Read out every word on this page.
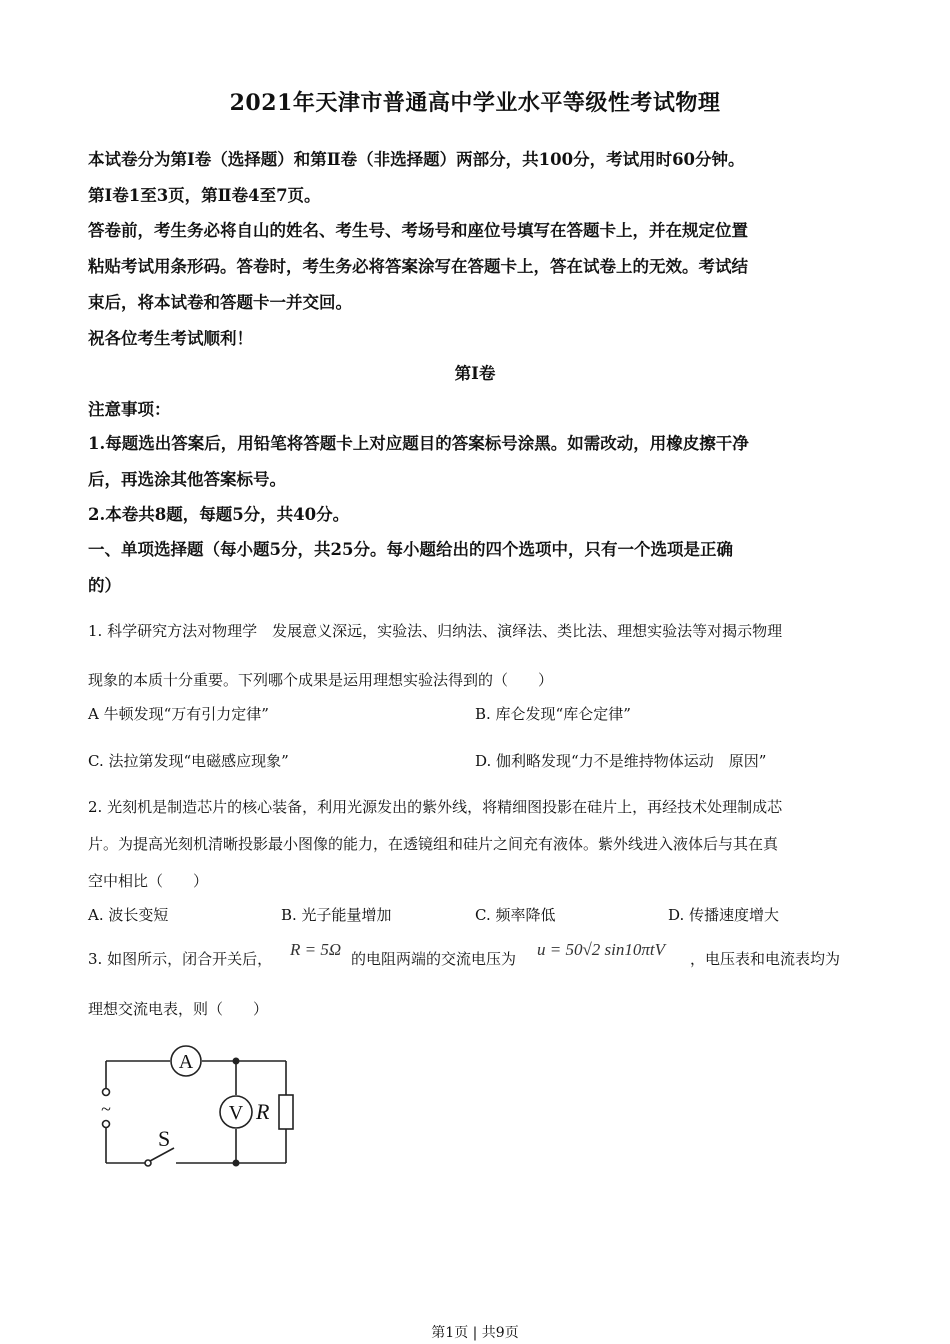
2021年天津市普通高中学业水平等级性考试物理
本试卷分为第Ⅰ卷（选择题）和第Ⅱ卷（非选择题）两部分，共100分，考试用时60分钟。
第Ⅰ卷1至3页，第Ⅱ卷4至7页。
答卷前，考生务必将自山的姓名、考生号、考场号和座位号填写在答题卡上，并在规定位置
粘贴考试用条形码。答卷时，考生务必将答案涂写在答题卡上，答在试卷上的无效。考试结
束后，将本试卷和答题卡一并交回。
祝各位考生考试顺利！
第Ⅰ卷
注意事项：
1.每题选出答案后，用铅笔将答题卡上对应题目的答案标号涂黑。如需改动，用橡皮擦干净
后，再选涂其他答案标号。
2.本卷共8题，每题5分，共40分。
一、单项选择题（每小题5分，共25分。每小题给出的四个选项中，只有一个选项是正确
的）
1. 科学研究方法对物理学　发展意义深远，实验法、归纳法、演绎法、类比法、理想实验法等对揭示物理
现象的本质十分重要。下列哪个成果是运用理想实验法得到的（　　）
A 牛顿发现“万有引力定律”	B. 库仑发现“库仑定律”
C. 法拉第发现“电磁感应现象”	D. 伽利略发现“力不是维持物体运动　原因”
2. 光刻机是制造芯片的核心装备，利用光源发出的紫外线，将精细图投影在硅片上，再经技术处理制成芯
片。为提高光刻机清晰投影最小图像的能力，在透镜组和硅片之间充有液体。紫外线进入液体后与其在真
空中相比（　　）
A. 波长变短	B. 光子能量增加	C. 频率降低	D. 传播速度增大
3. 如图所示，闭合开关后， R = 5Ω 的电阻两端的交流电压为 u = 50√2 sin10πtV ，电压表和电流表均为
理想交流电表，则（　　）
A
V R
S
~
第1页 | 共9页
